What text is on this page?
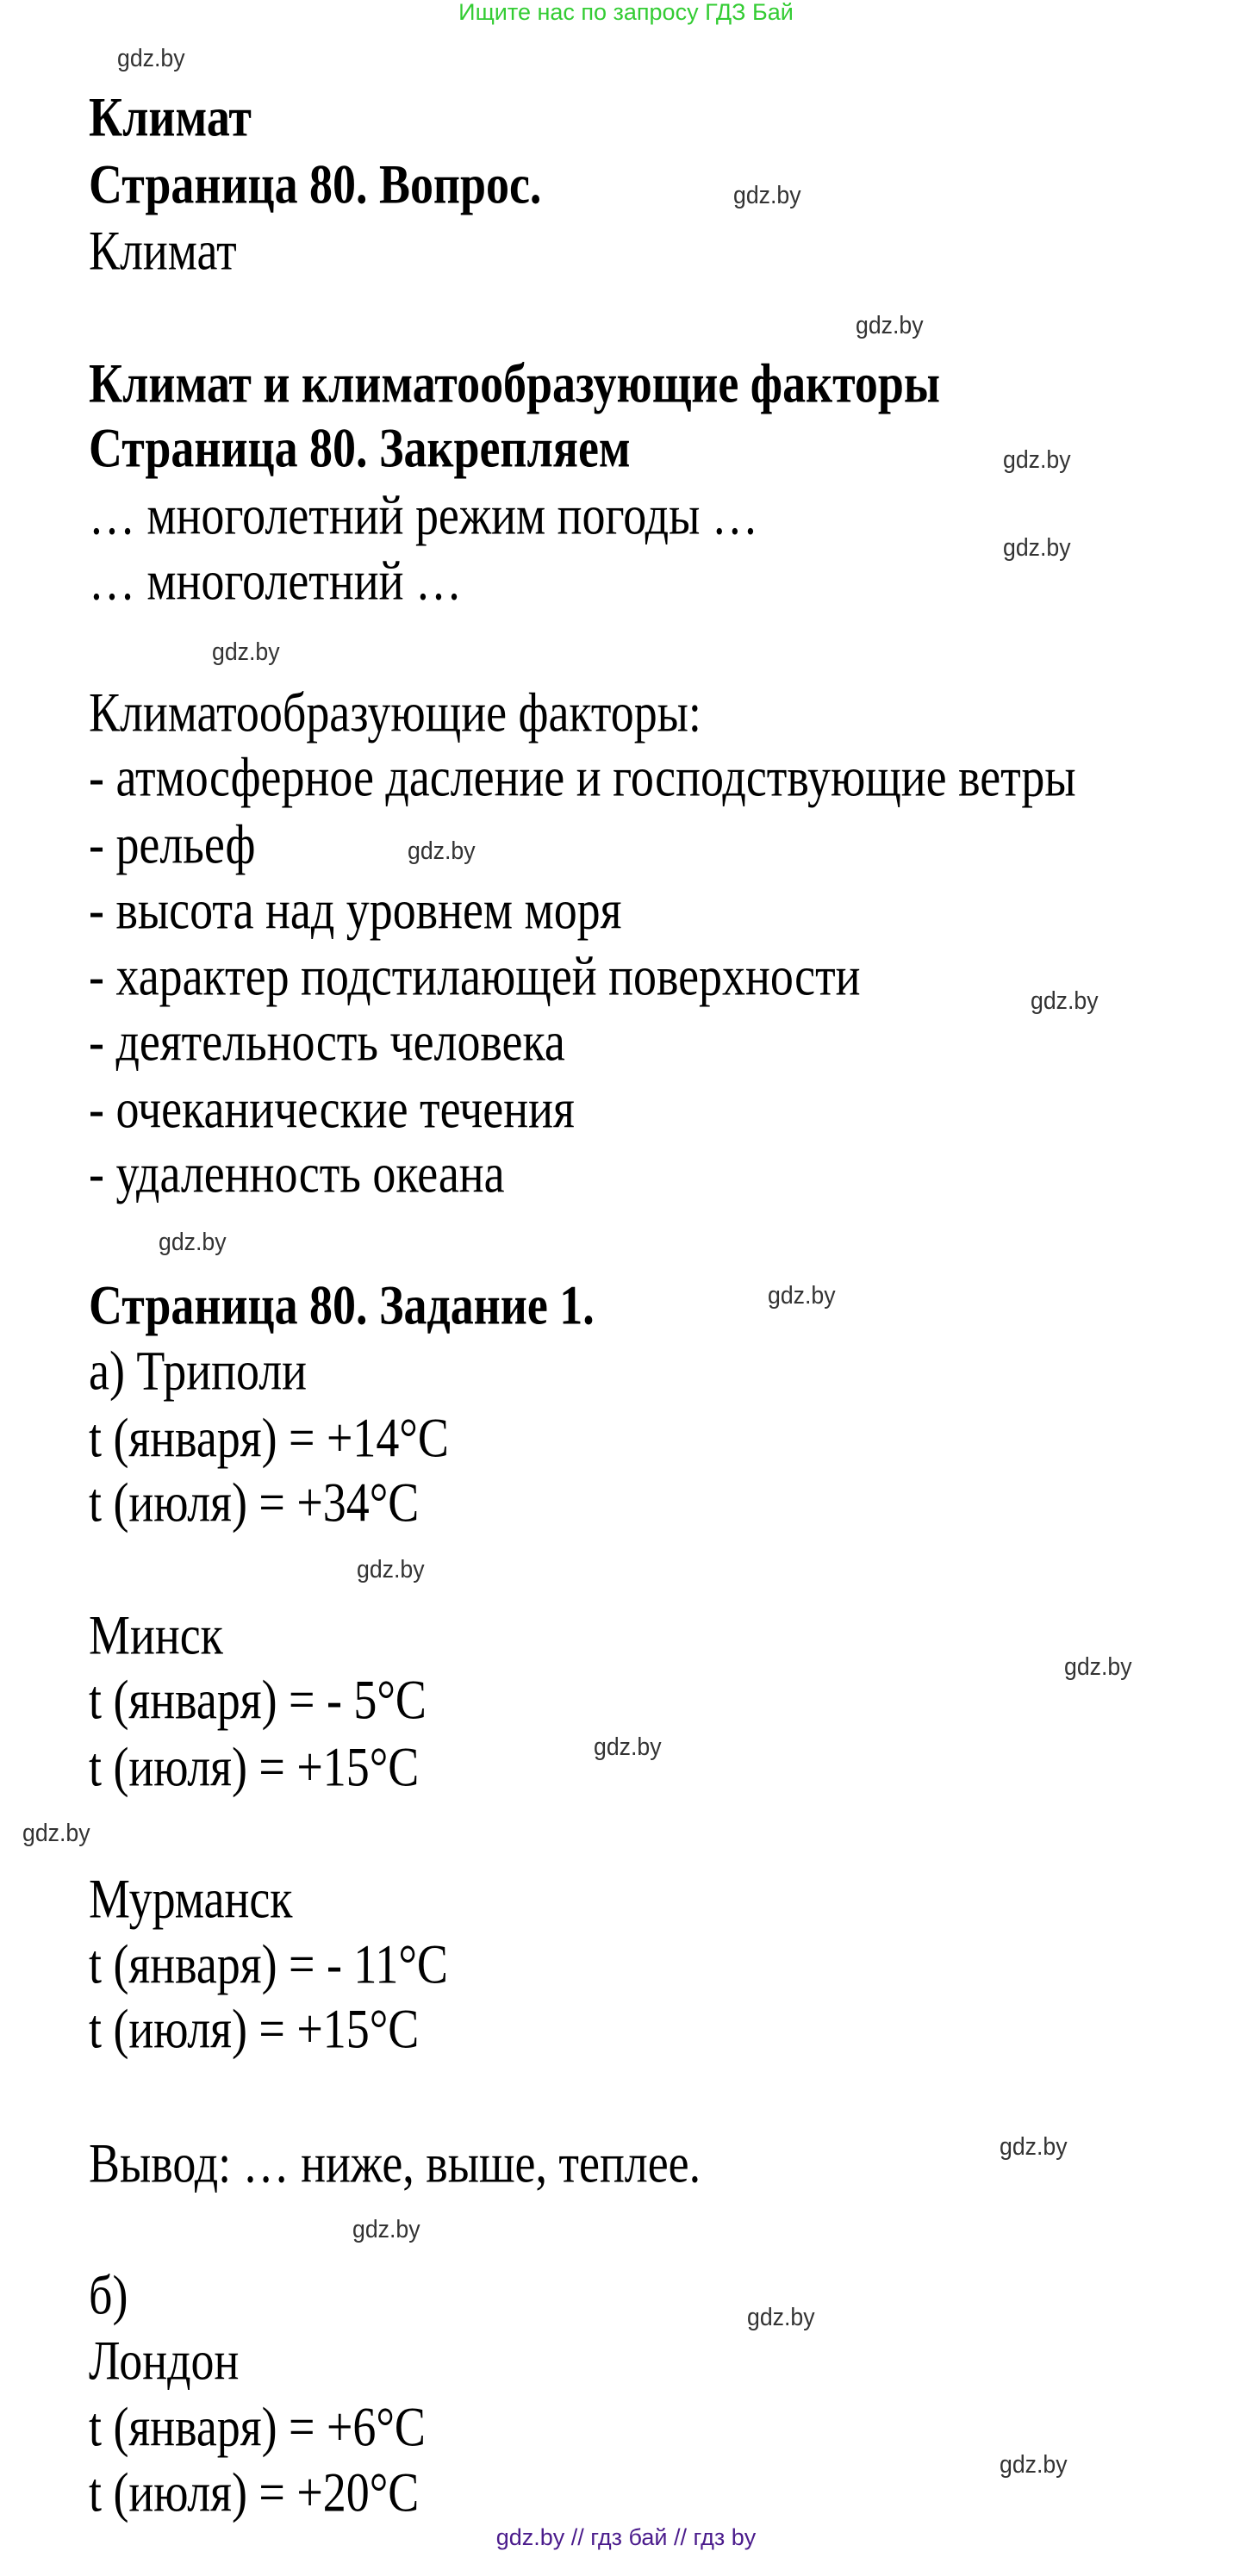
Ищите нас по запросу ГДЗ Бай
Климат
Страница 80. Вопрос.
Климат
Климат и климатообразующие факторы
Страница 80. Закрепляем
… многолетний режим погоды …
… многолетний …
Климатообразующие факторы:
- атмосферное дасление и господствующие ветры
- рельеф
- высота над уровнем моря
- характер подстилающей поверхности
- деятельность человека
- очеканические течения
- удаленность океана
Страница 80. Задание 1.
а) Триполи
t (января) = +14°C
t (июля) = +34°C
Минск
t (января) = - 5°C
t (июля) = +15°C
Мурманск
t (января) = - 11°C
t (июля) = +15°C
Вывод: … ниже, выше, теплее.
б)
Лондон
t (января) = +6°C
t (июля) = +20°C
gdz.by
gdz.by
gdz.by
gdz.by
gdz.by
gdz.by
gdz.by
gdz.by
gdz.by
gdz.by
gdz.by
gdz.by
gdz.by
gdz.by
gdz.by
gdz.by
gdz.by
gdz.by
gdz.by // гдз бай // гдз by
